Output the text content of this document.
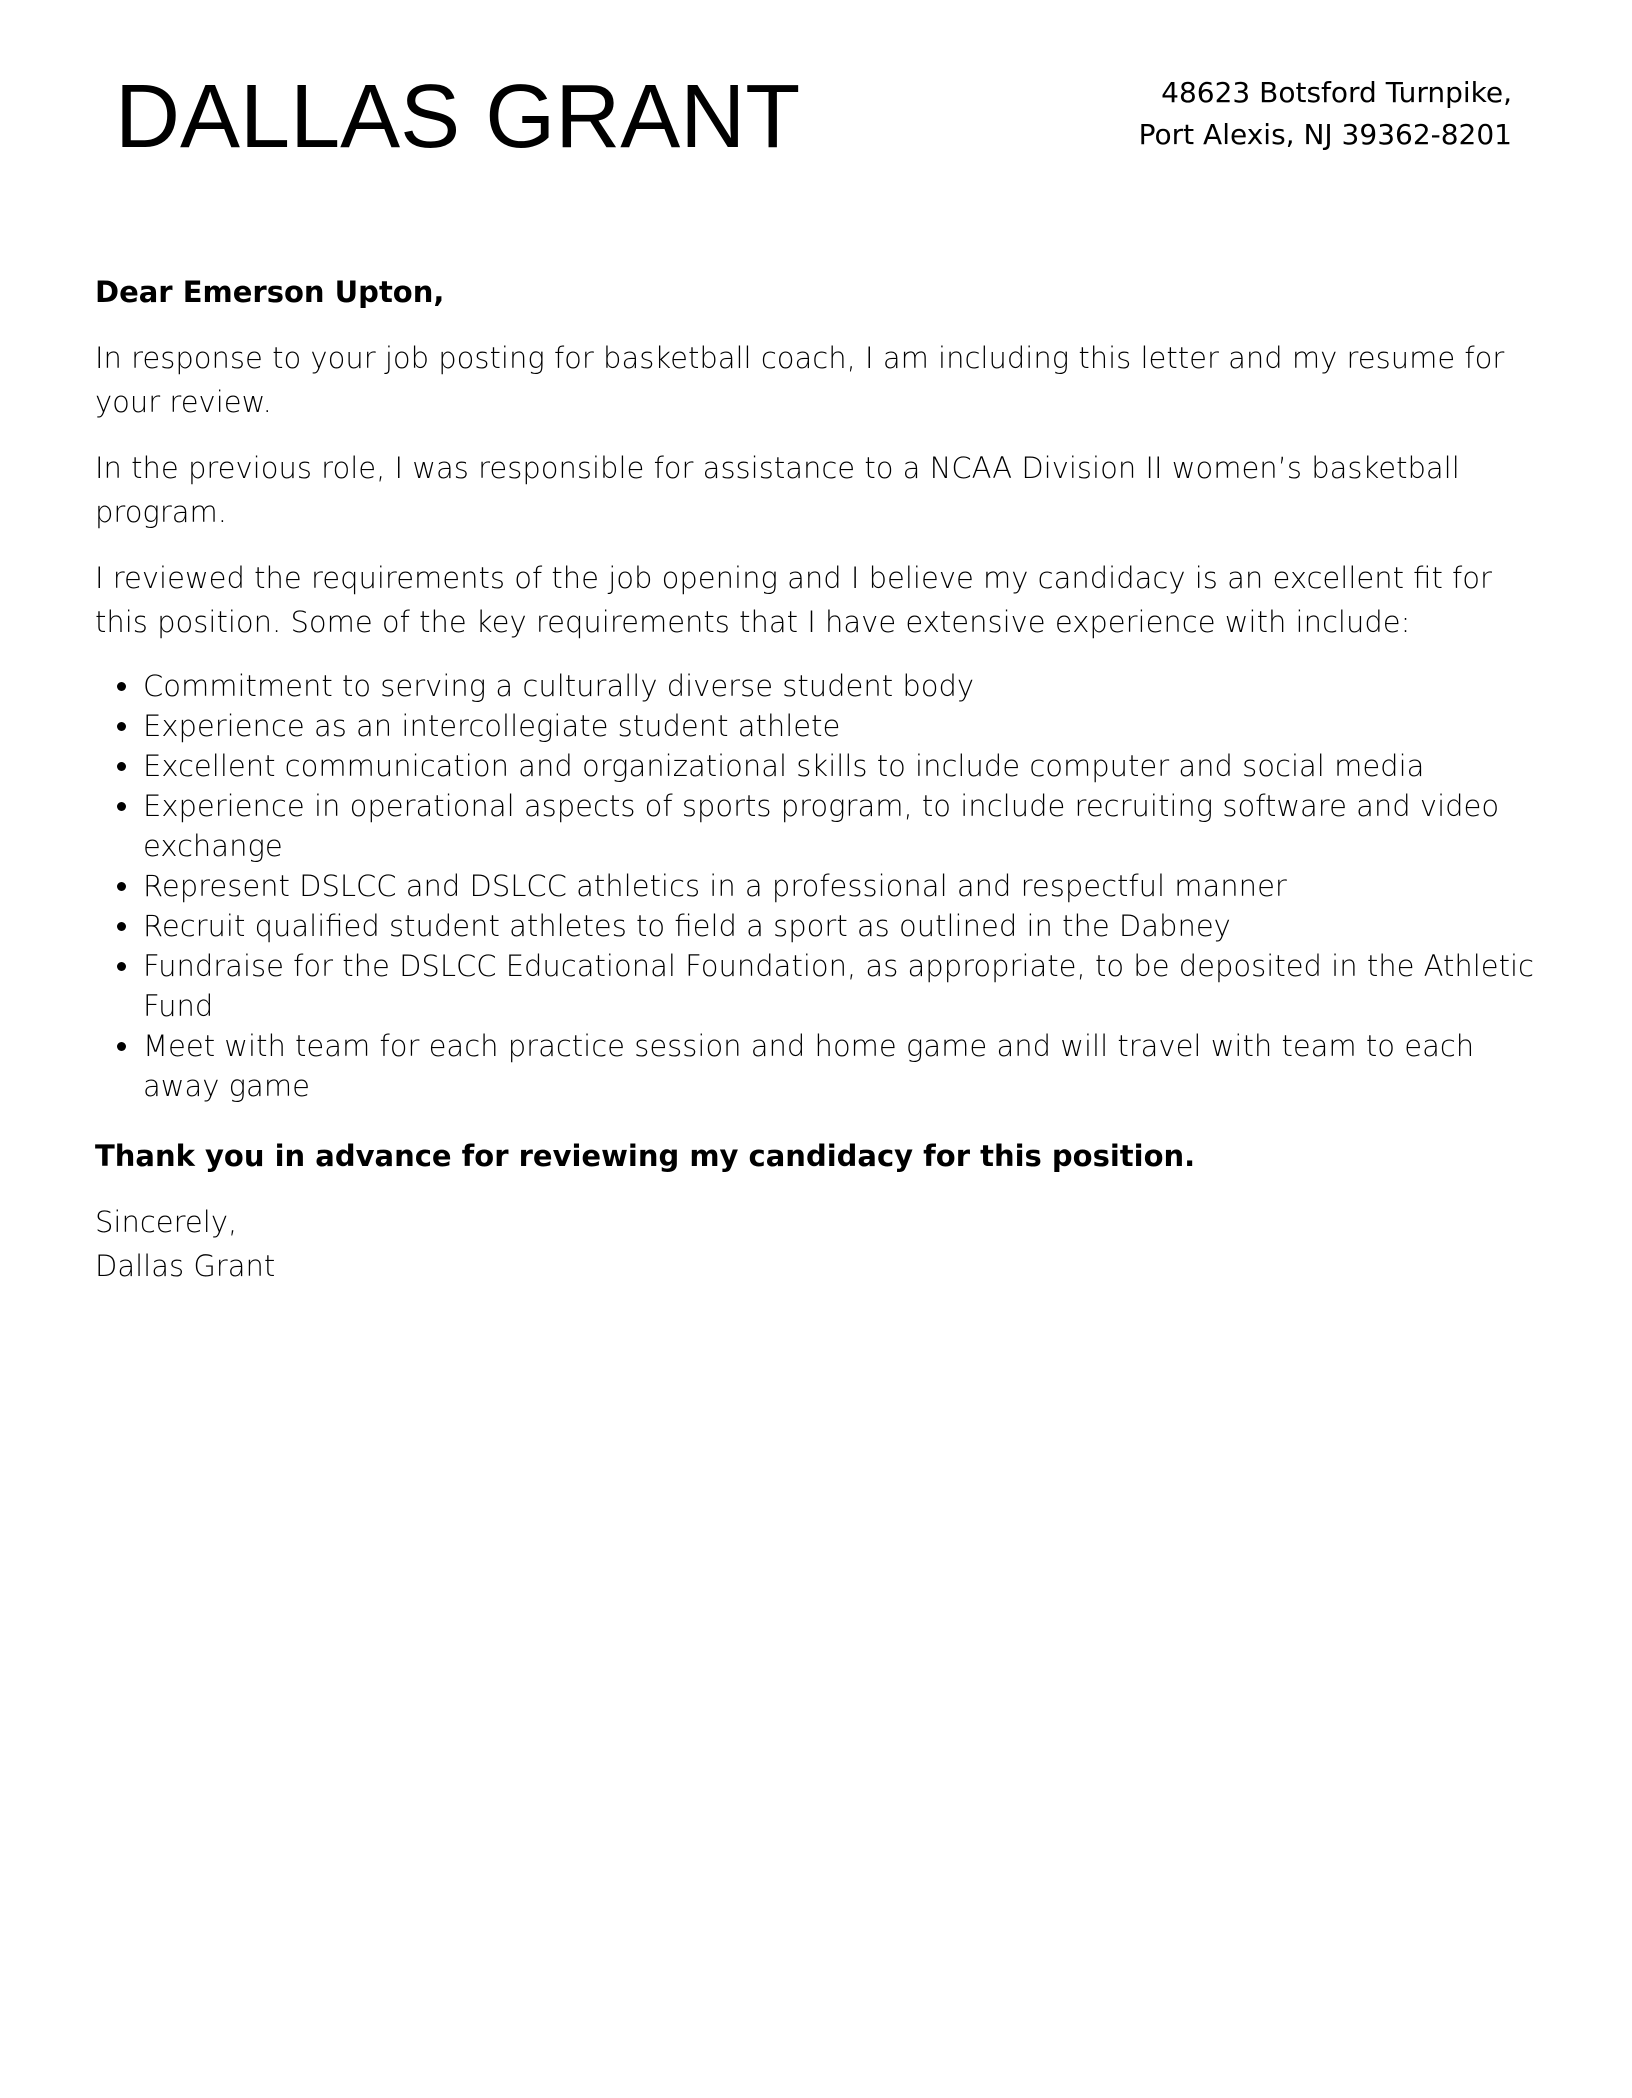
DALLAS GRANT	48623 Botsford Turnpike,
Port Alexis, NJ 39362-8201

Dear Emerson Upton,

In response to your job posting for basketball coach, I am including this letter and my resume for your review.

In the previous role, I was responsible for assistance to a NCAA Division II women’s basketball program.

I reviewed the requirements of the job opening and I believe my candidacy is an excellent fit for this position. Some of the key requirements that I have extensive experience with include:

Commitment to serving a culturally diverse student body
Experience as an intercollegiate student athlete
Excellent communication and organizational skills to include computer and social media
Experience in operational aspects of sports program, to include recruiting software and video exchange
Represent DSLCC and DSLCC athletics in a professional and respectful manner
Recruit qualified student athletes to field a sport as outlined in the Dabney
Fundraise for the DSLCC Educational Foundation, as appropriate, to be deposited in the Athletic Fund
Meet with team for each practice session and home game and will travel with team to each away game

Thank you in advance for reviewing my candidacy for this position.

Sincerely,
Dallas Grant
